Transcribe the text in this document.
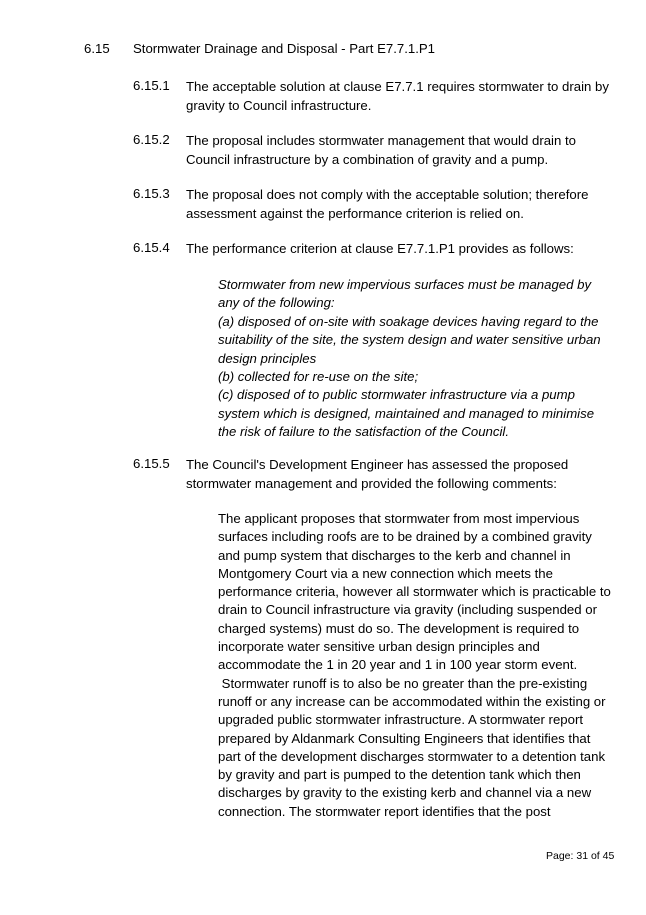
6.15 Stormwater Drainage and Disposal - Part E7.7.1.P1
6.15.1 The acceptable solution at clause E7.7.1 requires stormwater to drain by
gravity to Council infrastructure.
6.15.2 The proposal includes stormwater management that would drain to
Council infrastructure by a combination of gravity and a pump.
6.15.3 The proposal does not comply with the acceptable solution; therefore
assessment against the performance criterion is relied on.
6.15.4 The performance criterion at clause E7.7.1.P1 provides as follows:
Stormwater from new impervious surfaces must be managed by
any of the following:
(a) disposed of on-site with soakage devices having regard to the
suitability of the site, the system design and water sensitive urban
design principles
(b) collected for re-use on the site;
(c) disposed of to public stormwater infrastructure via a pump
system which is designed, maintained and managed to minimise
the risk of failure to the satisfaction of the Council.
6.15.5 The Council's Development Engineer has assessed the proposed
stormwater management and provided the following comments:
The applicant proposes that stormwater from most impervious
surfaces including roofs are to be drained by a combined gravity
and pump system that discharges to the kerb and channel in
Montgomery Court via a new connection which meets the
performance criteria, however all stormwater which is practicable to
drain to Council infrastructure via gravity (including suspended or
charged systems) must do so. The development is required to
incorporate water sensitive urban design principles and
accommodate the 1 in 20 year and 1 in 100 year storm event.
Stormwater runoff is to also be no greater than the pre-existing
runoff or any increase can be accommodated within the existing or
upgraded public stormwater infrastructure. A stormwater report
prepared by Aldanmark Consulting Engineers that identifies that
part of the development discharges stormwater to a detention tank
by gravity and part is pumped to the detention tank which then
discharges by gravity to the existing kerb and channel via a new
connection. The stormwater report identifies that the post
Page: 31 of 45
